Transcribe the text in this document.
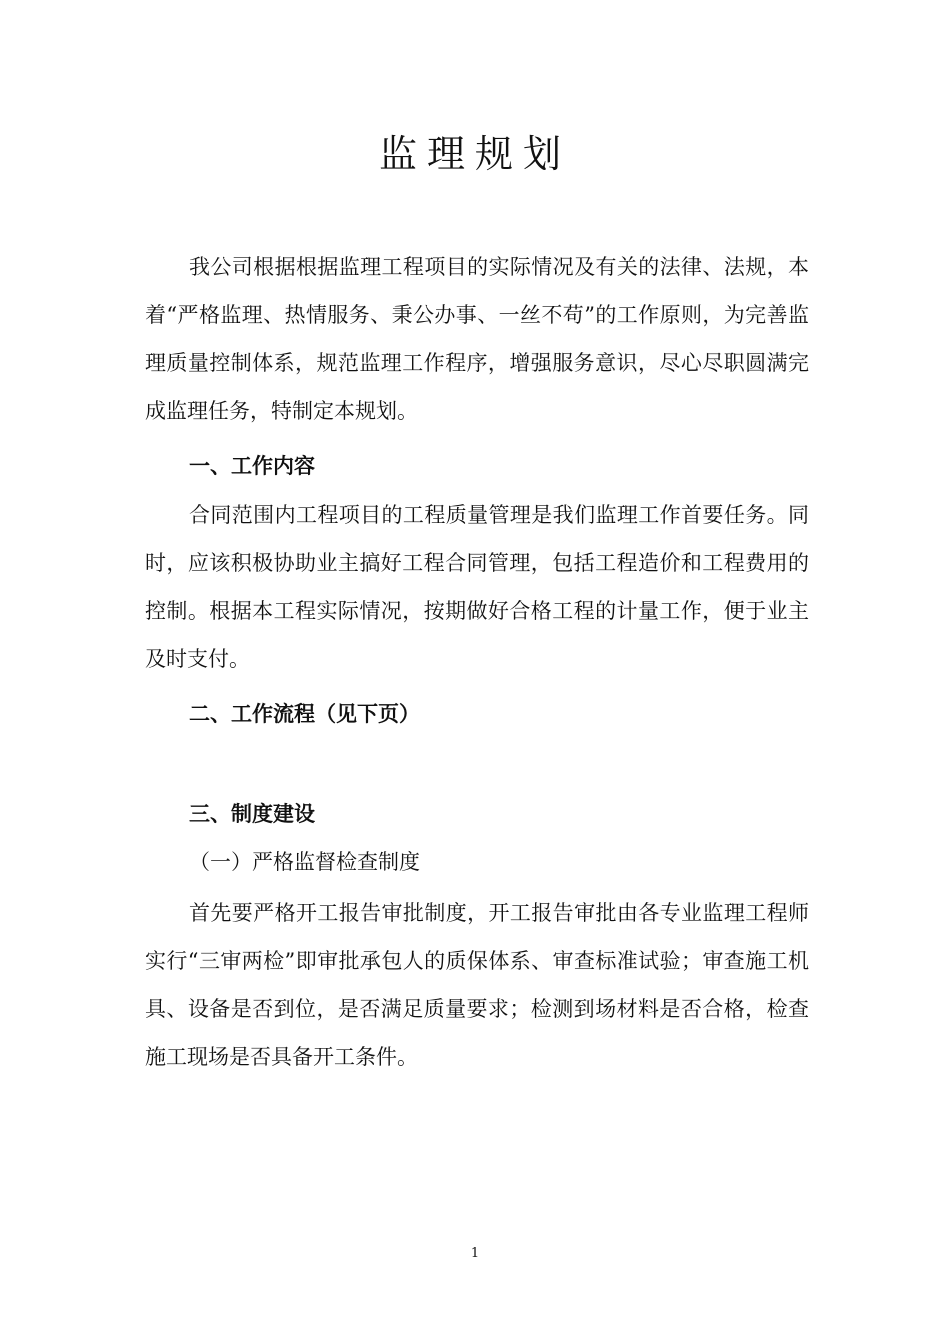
监理规划

我公司根据根据监理工程项目的实际情况及有关的法律、法规，本着“严格监理、热情服务、秉公办事、一丝不苟”的工作原则，为完善监理质量控制体系，规范监理工作程序，增强服务意识，尽心尽职圆满完成监理任务，特制定本规划。

一、工作内容

合同范围内工程项目的工程质量管理是我们监理工作首要任务。同时，应该积极协助业主搞好工程合同管理，包括工程造价和工程费用的控制。根据本工程实际情况，按期做好合格工程的计量工作，便于业主及时支付。

二、工作流程（见下页）
三、制度建设
（一）严格监督检查制度

首先要严格开工报告审批制度，开工报告审批由各专业监理工程师实行“三审两检”即审批承包人的质保体系、审查标准试验；审查施工机具、设备是否到位，是否满足质量要求；检测到场材料是否合格，检查施工现场是否具备开工条件。

1
